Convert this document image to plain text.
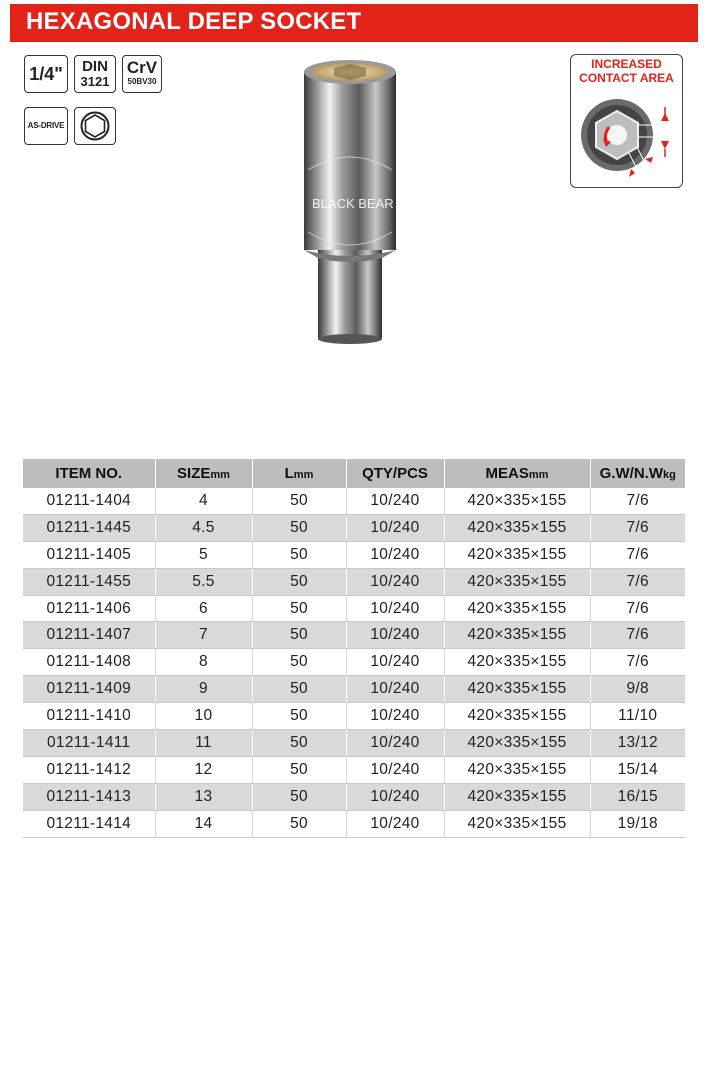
HEXAGONAL DEEP SOCKET
1/4"	DIN
3121
CrV
50BV30
AS-DRIVE
BLACK BEAR
INCREASED
CONTACT AREA
ITEM NO.	SIZEmm	Lmm	QTY/PCS	MEASmm	G.W/N.Wkg
01211-1404	4	50	10/240	420×335×155	7/6
01211-1445	4.5	50	10/240	420×335×155	7/6
01211-1405	5	50	10/240	420×335×155	7/6
01211-1455	5.5	50	10/240	420×335×155	7/6
01211-1406	6	50	10/240	420×335×155	7/6
01211-1407	7	50	10/240	420×335×155	7/6
01211-1408	8	50	10/240	420×335×155	7/6
01211-1409	9	50	10/240	420×335×155	9/8
01211-1410	10	50	10/240	420×335×155	11/10
01211-1411	11	50	10/240	420×335×155	13/12
01211-1412	12	50	10/240	420×335×155	15/14
01211-1413	13	50	10/240	420×335×155	16/15
01211-1414	14	50	10/240	420×335×155	19/18
